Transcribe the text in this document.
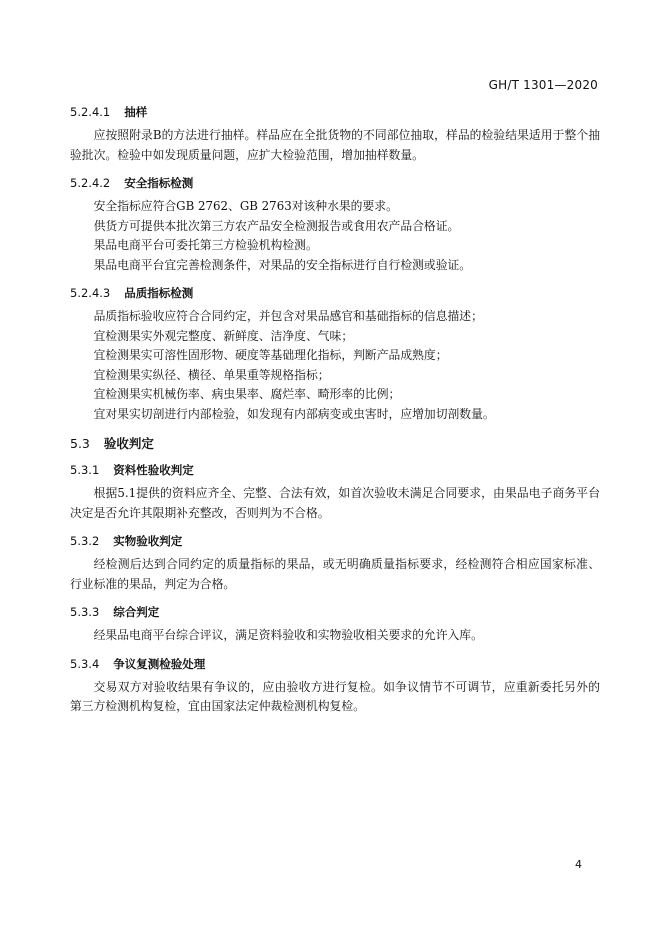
GH/T 1301—2020

5.2.4.1 抽样

应按照附录B的方法进行抽样。样品应在全批货物的不同部位抽取，样品的检验结果适用于整个抽验批次。检验中如发现质量问题，应扩大检验范围，增加抽样数量。

5.2.4.2 安全指标检测

安全指标应符合GB 2762、GB 2763对该种水果的要求。

供货方可提供本批次第三方农产品安全检测报告或食用农产品合格证。

果品电商平台可委托第三方检验机构检测。

果品电商平台宜完善检测条件，对果品的安全指标进行自行检测或验证。

5.2.4.3 品质指标检测

品质指标验收应符合合同约定，并包含对果品感官和基础指标的信息描述；

宜检测果实外观完整度、新鲜度、洁净度、气味；

宜检测果实可溶性固形物、硬度等基础理化指标，判断产品成熟度；

宜检测果实纵径、横径、单果重等规格指标；

宜检测果实机械伤率、病虫果率、腐烂率、畸形率的比例；

宜对果实切剖进行内部检验，如发现有内部病变或虫害时，应增加切剖数量。

5.3 验收判定

5.3.1 资料性验收判定

根据5.1提供的资料应齐全、完整、合法有效，如首次验收未满足合同要求，由果品电子商务平台决定是否允许其限期补充整改，否则判为不合格。

5.3.2 实物验收判定

经检测后达到合同约定的质量指标的果品，或无明确质量指标要求，经检测符合相应国家标准、行业标准的果品，判定为合格。

5.3.3 综合判定

经果品电商平台综合评议，满足资料验收和实物验收相关要求的允许入库。

5.3.4 争议复测检验处理

交易双方对验收结果有争议的，应由验收方进行复检。如争议情节不可调节，应重新委托另外的第三方检测机构复检，宜由国家法定仲裁检测机构复检。

4
